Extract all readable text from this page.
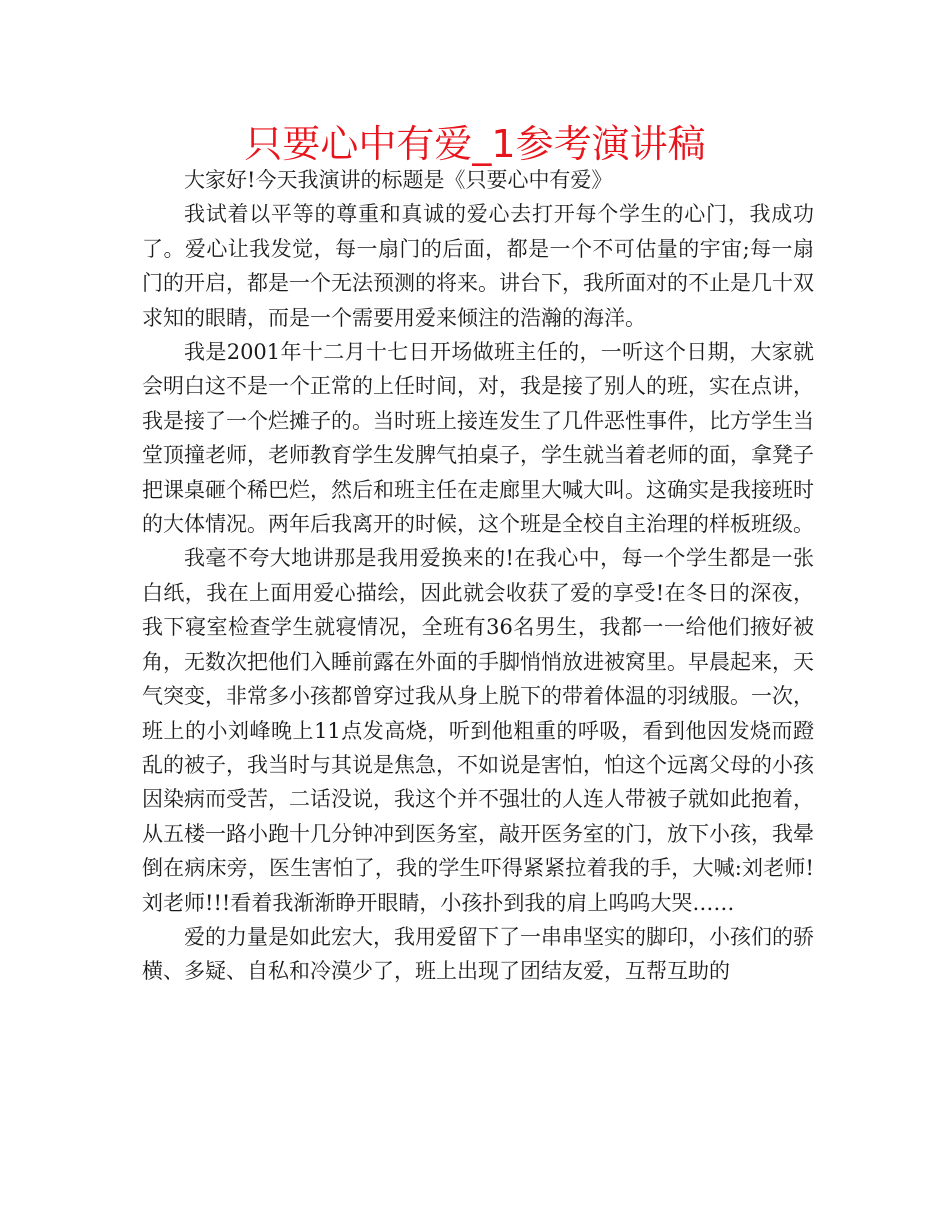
只要心中有爱_1参考演讲稿

大家好!今天我演讲的标题是《只要心中有爱》

我试着以平等的尊重和真诚的爱心去打开每个学生的心门，我成功了。爱心让我发觉，每一扇门的后面，都是一个不可估量的宇宙;每一扇门的开启，都是一个无法预测的将来。讲台下，我所面对的不止是几十双求知的眼睛，而是一个需要用爱来倾注的浩瀚的海洋。

我是2001年十二月十七日开场做班主任的，一听这个日期，大家就会明白这不是一个正常的上任时间，对，我是接了别人的班，实在点讲，我是接了一个烂摊子的。当时班上接连发生了几件恶性事件，比方学生当堂顶撞老师，老师教育学生发脾气拍桌子，学生就当着老师的面，拿凳子把课桌砸个稀巴烂，然后和班主任在走廊里大喊大叫。这确实是我接班时的大体情况。两年后我离开的时候，这个班是全校自主治理的样板班级。

我毫不夸大地讲那是我用爱换来的!在我心中，每一个学生都是一张白纸，我在上面用爱心描绘，因此就会收获了爱的享受!在冬日的深夜，我下寝室检查学生就寝情况，全班有36名男生，我都一一给他们掖好被角，无数次把他们入睡前露在外面的手脚悄悄放进被窝里。早晨起来，天气突变，非常多小孩都曾穿过我从身上脱下的带着体温的羽绒服。一次，班上的小刘峰晚上11点发高烧，听到他粗重的呼吸，看到他因发烧而蹬乱的被子，我当时与其说是焦急，不如说是害怕，怕这个远离父母的小孩因染病而受苦，二话没说，我这个并不强壮的人连人带被子就如此抱着，从五楼一路小跑十几分钟冲到医务室，敲开医务室的门，放下小孩，我晕倒在病床旁，医生害怕了，我的学生吓得紧紧拉着我的手，大喊:刘老师!刘老师!!!看着我渐渐睁开眼睛，小孩扑到我的肩上呜呜大哭……

爱的力量是如此宏大，我用爱留下了一串串坚实的脚印，小孩们的骄横、多疑、自私和冷漠少了，班上出现了团结友爱，互帮互助的
